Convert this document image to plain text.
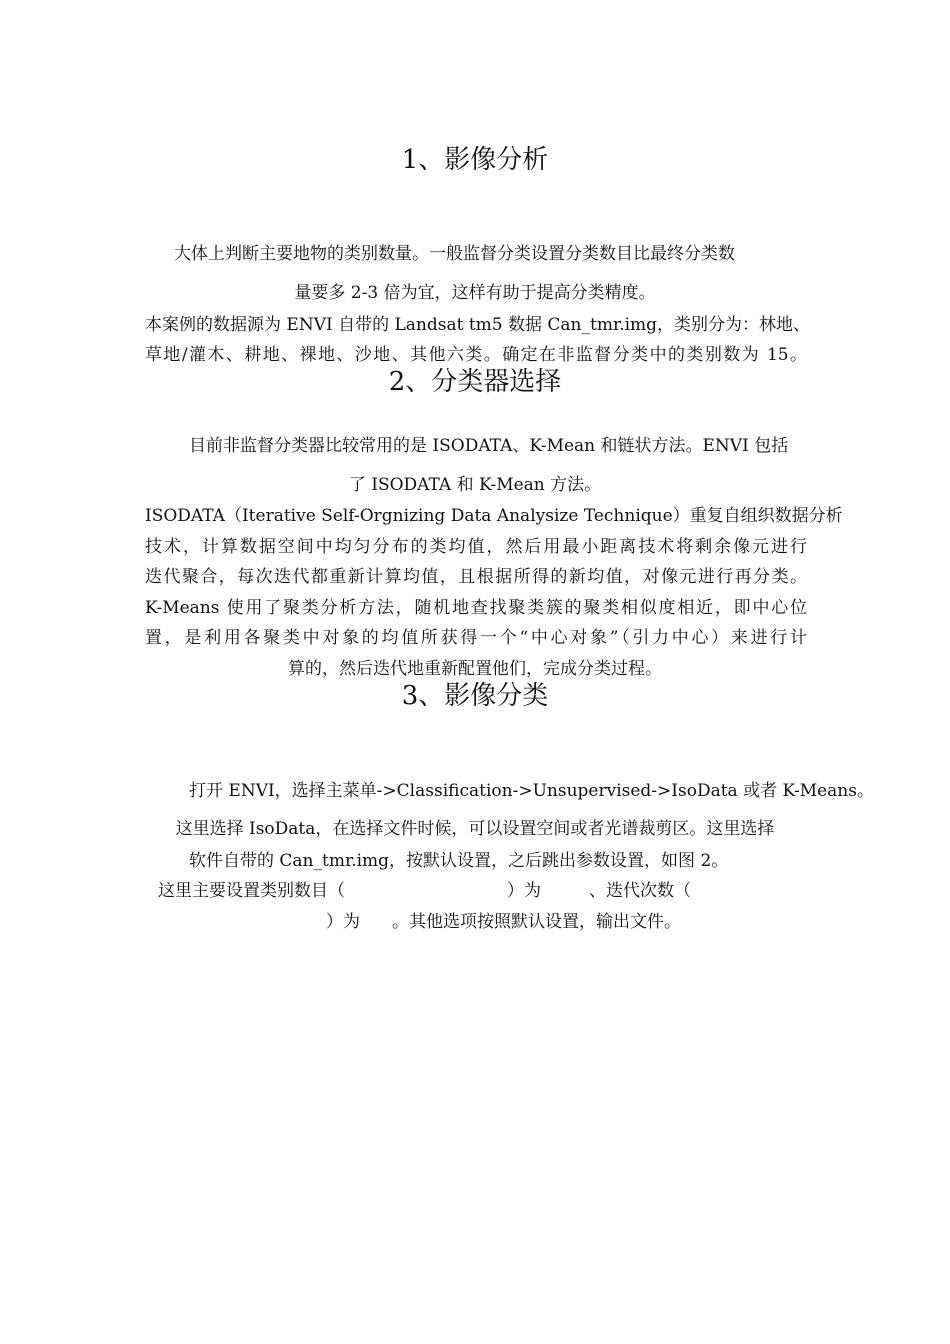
1、影像分析

大体上判断主要地物的类别数量。一般监督分类设置分类数目比最终分类数

量要多 2-3 倍为宜，这样有助于提高分类精度。

本案例的数据源为 ENVI 自带的 Landsat tm5 数据 Can_tmr.img，类别分为：林地、

草地/灌木、耕地、裸地、沙地、其他六类。确定在非监督分类中的类别数为 15。

2、分类器选择

目前非监督分类器比较常用的是 ISODATA、K-Mean 和链状方法。ENVI 包括

了 ISODATA 和 K-Mean 方法。

ISODATA（Iterative Self-Orgnizing Data Analysize Technique）重复自组织数据分析

技术，计算数据空间中均匀分布的类均值，然后用最小距离技术将剩余像元进行

迭代聚合，每次迭代都重新计算均值，且根据所得的新均值，对像元进行再分类。

K-Means 使用了聚类分析方法，随机地查找聚类簇的聚类相似度相近，即中心位

置，是利用各聚类中对象的均值所获得一个“中心对象”（引力中心）来进行计

算的，然后迭代地重新配置他们，完成分类过程。

3、影像分类

打开 ENVI，选择主菜单->Classification->Unsupervised->IsoData 或者 K-Means。

这里选择 IsoData，在选择文件时候，可以设置空间或者光谱裁剪区。这里选择

软件自带的 Can_tmr.img，按默认设置，之后跳出参数设置，如图 2。

这里主要设置类别数目（	）为	、迭代次数（

）为 。其他选项按照默认设置，输出文件。
